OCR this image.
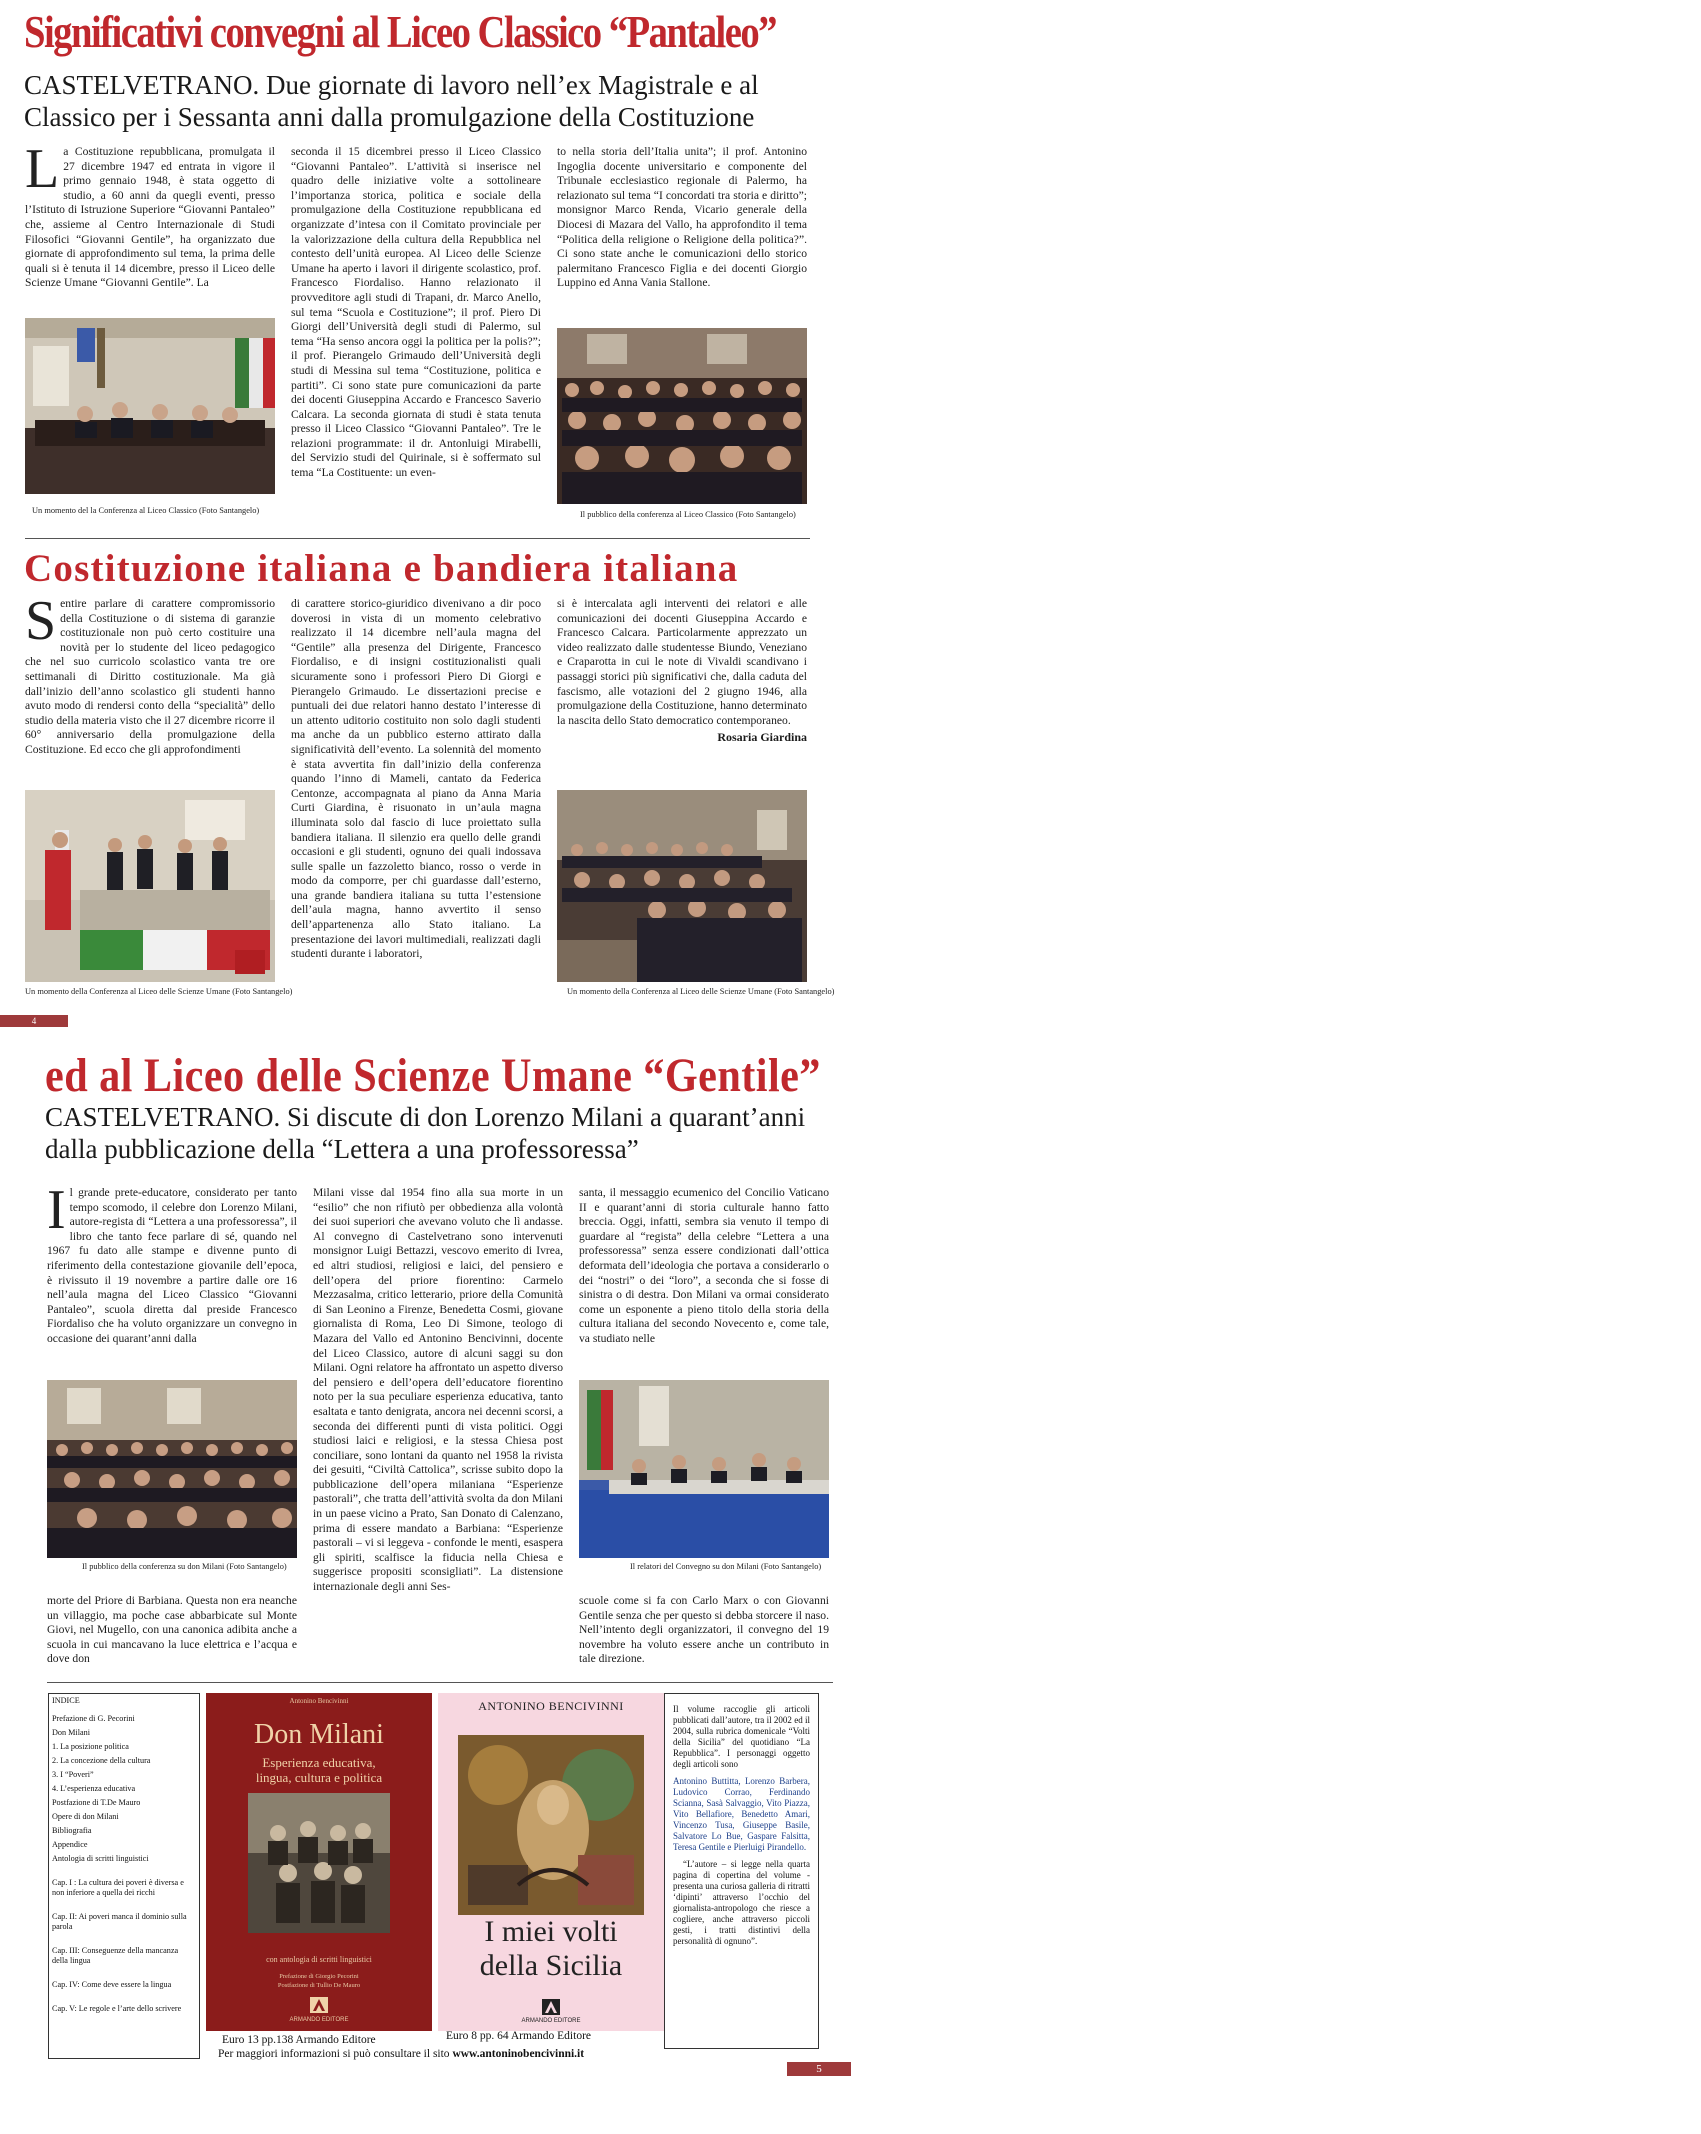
Significativi convegni al Liceo Classico “Pantaleo”
CASTELVETRANO. Due giornate di lavoro nell’ex Magistrale e al Classico per i Sessanta anni dalla promulgazione della Costituzione
L a Costituzione repubblicana, promulgata il 27 dicembre 1947 ed entrata in vigore il primo gennaio 1948, è stata oggetto di studio, a 60 anni da quegli eventi, presso l’Istituto di Istruzione Superiore “Giovanni Pantaleo” che, assieme al Centro Internazionale di Studi Filosofici “Giovanni Gentile”, ha organizzato due giornate di approfondimento sul tema, la prima delle quali si è tenuta il 14 dicembre, presso il Liceo delle Scienze Umane “Giovanni Gentile”. La

seconda il 15 dicembrei presso il Liceo Classico “Giovanni Pantaleo”. L’attività si inserisce nel quadro delle iniziative volte a sottolineare l’importanza storica, politica e sociale della promulgazione della Costituzione repubblicana ed organizzate d’intesa con il Comitato provinciale per la valorizzazione della cultura della Repubblica nel contesto dell’unità europea. Al Liceo delle Scienze Umane ha aperto i lavori il dirigente scolastico, prof. Francesco Fiordaliso. Hanno relazionato il provveditore agli studi di Trapani, dr. Marco Anello, sul tema “Scuola e Costituzione”; il prof. Piero Di Giorgi dell’Università degli studi di Palermo, sul tema “Ha senso ancora oggi la politica per la polis?”; il prof. Pierangelo Grimaudo dell’Università degli studi di Messina sul tema “Costituzione, politica e partiti”. Ci sono state pure comunicazioni da parte dei docenti Giuseppina Accardo e Francesco Saverio Calcara. La seconda giornata di studi è stata tenuta presso il Liceo Classico “Giovanni Pantaleo”. Tre le relazioni programmate: il dr. Antonluigi Mirabelli, del Servizio studi del Quirinale, si è soffermato sul tema “La Costituente: un even-

to nella storia dell’Italia unita”; il prof. Antonino Ingoglia docente universitario e componente del Tribunale ecclesiastico regionale di Palermo, ha relazionato sul tema “I concordati tra storia e diritto”; monsignor Marco Renda, Vicario generale della Diocesi di Mazara del Vallo, ha approfondito il tema “Politica della religione o Religione della politica?”. Ci sono state anche le comunicazioni dello storico palermitano Francesco Figlia e dei docenti Giorgio Luppino ed Anna Vania Stallone.

Un momento del la Conferenza al Liceo Classico (Foto Santangelo)	Il pubblico della conferenza al Liceo Classico (Foto Santangelo)
Costituzione italiana e bandiera italiana
S entire parlare di carattere compromissorio della Costituzione o di sistema di garanzie costituzionale non può certo costituire una novità per lo studente del liceo pedagogico che nel suo curricolo scolastico vanta tre ore settimanali di Diritto costituzionale. Ma già dall’inizio dell’anno scolastico gli studenti hanno avuto modo di rendersi conto della “specialità” dello studio della materia visto che il 27 dicembre ricorre il 60° anniversario della promulgazione della Costituzione. Ed ecco che gli approfondimenti

di carattere storico-giuridico divenivano a dir poco doverosi in vista di un momento celebrativo realizzato il 14 dicembre nell’aula magna del “Gentile” alla presenza del Dirigente, Francesco Fiordaliso, e di insigni costituzionalisti quali sicuramente sono i professori Piero Di Giorgi e Pierangelo Grimaudo. Le dissertazioni precise e puntuali dei due relatori hanno destato l’interesse di un attento uditorio costituito non solo dagli studenti ma anche da un pubblico esterno attirato dalla significatività dell’evento. La solennità del momento è stata avvertita fin dall’inizio della conferenza quando l’inno di Mameli, cantato da Federica Centonze, accompagnata al piano da Anna Maria Curti Giardina, è risuonato in un’aula magna illuminata solo dal fascio di luce proiettato sulla bandiera italiana. Il silenzio era quello delle grandi occasioni e gli studenti, ognuno dei quali indossava sulle spalle un fazzoletto bianco, rosso o verde in modo da comporre, per chi guardasse dall’esterno, una grande bandiera italiana su tutta l’estensione dell’aula magna, hanno avvertito il senso dell’appartenenza allo Stato italiano. La presentazione dei lavori multimediali, realizzati dagli studenti durante i laboratori,

si è intercalata agli interventi dei relatori e alle comunicazioni dei docenti Giuseppina Accardo e Francesco Calcara. Particolarmente apprezzato un video realizzato dalle studentesse Biundo, Veneziano e Craparotta in cui le note di Vivaldi scandivano i passaggi storici più significativi che, dalla caduta del fascismo, alle votazioni del 2 giugno 1946, alla promulgazione della Costituzione, hanno determinato la nascita dello Stato democratico contemporaneo.

Rosaria Giardina

Un momento della Conferenza al Liceo delle Scienze Umane (Foto Santangelo)	Un momento della Conferenza al Liceo delle Scienze Umane (Foto Santangelo)
4
ed al Liceo delle Scienze Umane “Gentile”
CASTELVETRANO. Si discute di don Lorenzo Milani a quarant’anni dalla pubblicazione della “Lettera a una professoressa”
I l grande prete-educatore, considerato per tanto tempo scomodo, il celebre don Lorenzo Milani, autore-regista di “Lettera a una professoressa”, il libro che tanto fece parlare di sé, quando nel 1967 fu dato alle stampe e divenne punto di riferimento della contestazione giovanile dell’epoca, è rivissuto il 19 novembre a partire dalle ore 16 nell’aula magna del Liceo Classico “Giovanni Pantaleo”, scuola diretta dal preside Francesco Fiordaliso che ha voluto organizzare un convegno in occasione dei quarant’anni dalla

morte del Priore di Barbiana. Questa non era neanche un villaggio, ma poche case abbarbicate sul Monte Giovi, nel Mugello, con una canonica adibita anche a scuola in cui mancavano la luce elettrica e l’acqua e dove don

Milani visse dal 1954 fino alla sua morte in un “esilio” che non rifiutò per obbedienza alla volontà dei suoi superiori che avevano voluto che lì andasse. Al convegno di Castelvetrano sono intervenuti monsignor Luigi Bettazzi, vescovo emerito di Ivrea, ed altri studiosi, religiosi e laici, del pensiero e dell’opera del priore fiorentino: Carmelo Mezzasalma, critico letterario, priore della Comunità di San Leonino a Firenze, Benedetta Cosmi, giovane giornalista di Roma, Leo Di Simone, teologo di Mazara del Vallo ed Antonino Bencivinni, docente del Liceo Classico, autore di alcuni saggi su don Milani. Ogni relatore ha affrontato un aspetto diverso del pensiero e dell’opera dell’educatore fiorentino noto per la sua peculiare esperienza educativa, tanto esaltata e tanto denigrata, ancora nei decenni scorsi, a seconda dei differenti punti di vista politici. Oggi studiosi laici e religiosi, e la stessa Chiesa post conciliare, sono lontani da quanto nel 1958 la rivista dei gesuiti, “Civiltà Cattolica”, scrisse subito dopo la pubblicazione dell’opera milaniana “Esperienze pastorali”, che tratta dell’attività svolta da don Milani in un paese vicino a Prato, San Donato di Calenzano, prima di essere mandato a Barbiana: “Esperienze pastorali – vi si leggeva - confonde le menti, esaspera gli spiriti, scalfisce la fiducia nella Chiesa e suggerisce propositi sconsigliati”. La distensione internazionale degli anni Ses-

santa, il messaggio ecumenico del Concilio Vaticano II e quarant’anni di storia culturale hanno fatto breccia. Oggi, infatti, sembra sia venuto il tempo di guardare al “regista” della celebre “Lettera a una professoressa” senza essere condizionati dall’ottica deformata dell’ideologia che portava a considerarlo o dei “nostri” o dei “loro”, a seconda che si fosse di sinistra o di destra. Don Milani va ormai considerato come un esponente a pieno titolo della storia della cultura italiana del secondo Novecento e, come tale, va studiato nelle

scuole come si fa con Carlo Marx o con Giovanni Gentile senza che per questo si debba storcere il naso. Nell’intento degli organizzatori, il convegno del 19 novembre ha voluto essere anche un contributo in tale direzione.

Il pubblico della conferenza su don Milani (Foto Santangelo)	Il relatori del Convegno su don Milani (Foto Santangelo)
INDICE
Prefazione di G. Pecorini
Don Milani
1. La posizione politica
2. La concezione della cultura
3. I “Poveri”
4. L’esperienza educativa
Postfazione di T.De Mauro
Opere di don Milani
Bibliografia
Appendice
Antologia di scritti linguistici
Cap. I : La cultura dei poveri è diversa e non inferiore a quella dei ricchi
Cap. II: Ai poveri manca il dominio sulla parola
Cap. III: Conseguenze della mancanza della lingua
Cap. IV: Come deve essere la lingua
Cap. V: Le regole e l’arte dello scrivere
Antonino Bencivinni
Don Milani
Esperienza educativa, lingua, cultura e politica
con antologia di scritti linguistici
Prefazione di Giorgio Pecorini
Postfazione di Tullio De Mauro
ARMANDO EDITORE
Euro 13 pp.138 Armando Editore
ANTONINO BENCIVINNI
I miei volti della Sicilia
ARMANDO EDITORE
Euro 8 pp. 64 Armando Editore
Per maggiori informazioni si può consultare il sito www.antoninobencivinni.it
Il volume raccoglie gli articoli pubblicati dall’autore, tra il 2002 ed il 2004, sulla rubrica domenicale “Volti della Sicilia” del quotidiano “La Repubblica”. I personaggi oggetto degli articoli sono
Antonino Buttitta, Lorenzo Barbera, Ludovico Corrao, Ferdinando Scianna, Sasà Salvaggio, Vito Piazza, Vito Bellafiore, Benedetto Amari, Vincenzo Tusa, Giuseppe Basile, Salvatore Lo Bue, Gaspare Falsitta, Teresa Gentile e Pierluigi Pirandello.
“L’autore – si legge nella quarta pagina di copertina del volume - presenta una curiosa galleria di ritratti ‘dipinti’ attraverso l’occhio del giornalista-antropologo che riesce a cogliere, anche attraverso piccoli gesti, i tratti distintivi della personalità di ognuno”.
5
